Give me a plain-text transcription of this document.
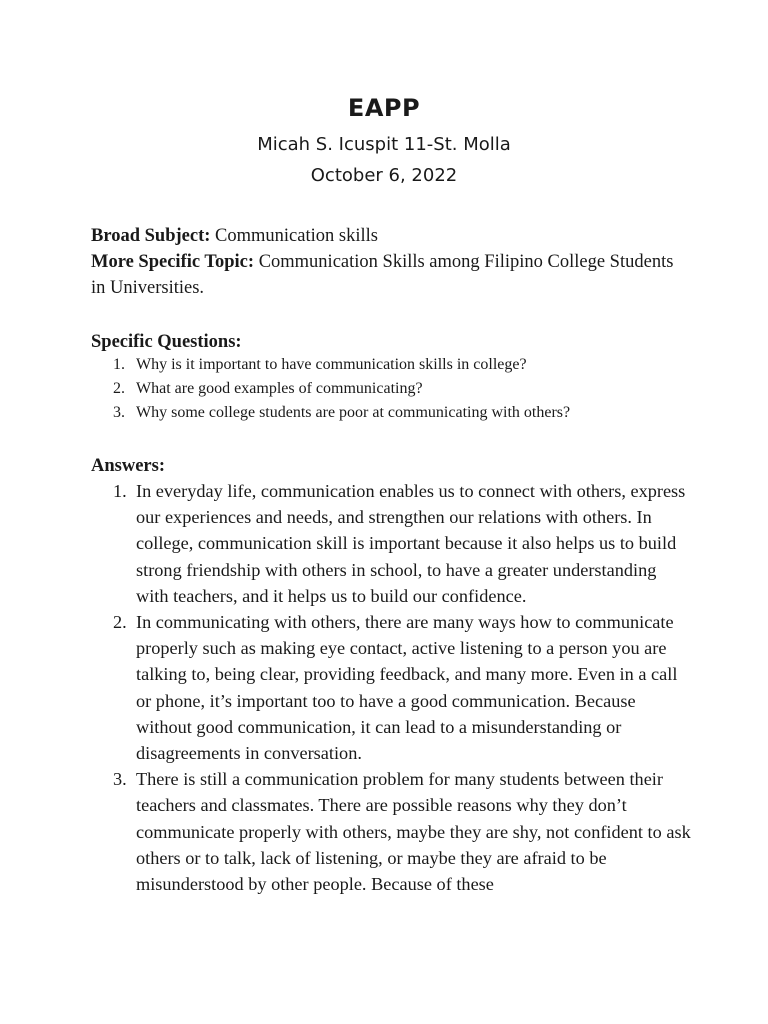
EAPP
Micah S. Icuspit 11-St. Molla
October 6, 2022

Broad Subject: Communication skills

More Specific Topic: Communication Skills among Filipino College Students in Universities.

Specific Questions:
1. Why is it important to have communication skills in college?
2. What are good examples of communicating?
3. Why some college students are poor at communicating with others?
Answers:
1. In everyday life, communication enables us to connect with others, express our experiences and needs, and strengthen our relations with others. In college, communication skill is important because it also helps us to build strong friendship with others in school, to have a greater understanding with teachers, and it helps us to build our confidence.
2. In communicating with others, there are many ways how to communicate properly such as making eye contact, active listening to a person you are talking to, being clear, providing feedback, and many more. Even in a call or phone, it’s important too to have a good communication. Because without good communication, it can lead to a misunderstanding or disagreements in conversation.
3. There is still a communication problem for many students between their teachers and classmates. There are possible reasons why they don’t communicate properly with others, maybe they are shy, not confident to ask others or to talk, lack of listening, or maybe they are afraid to be misunderstood by other people. Because of these
